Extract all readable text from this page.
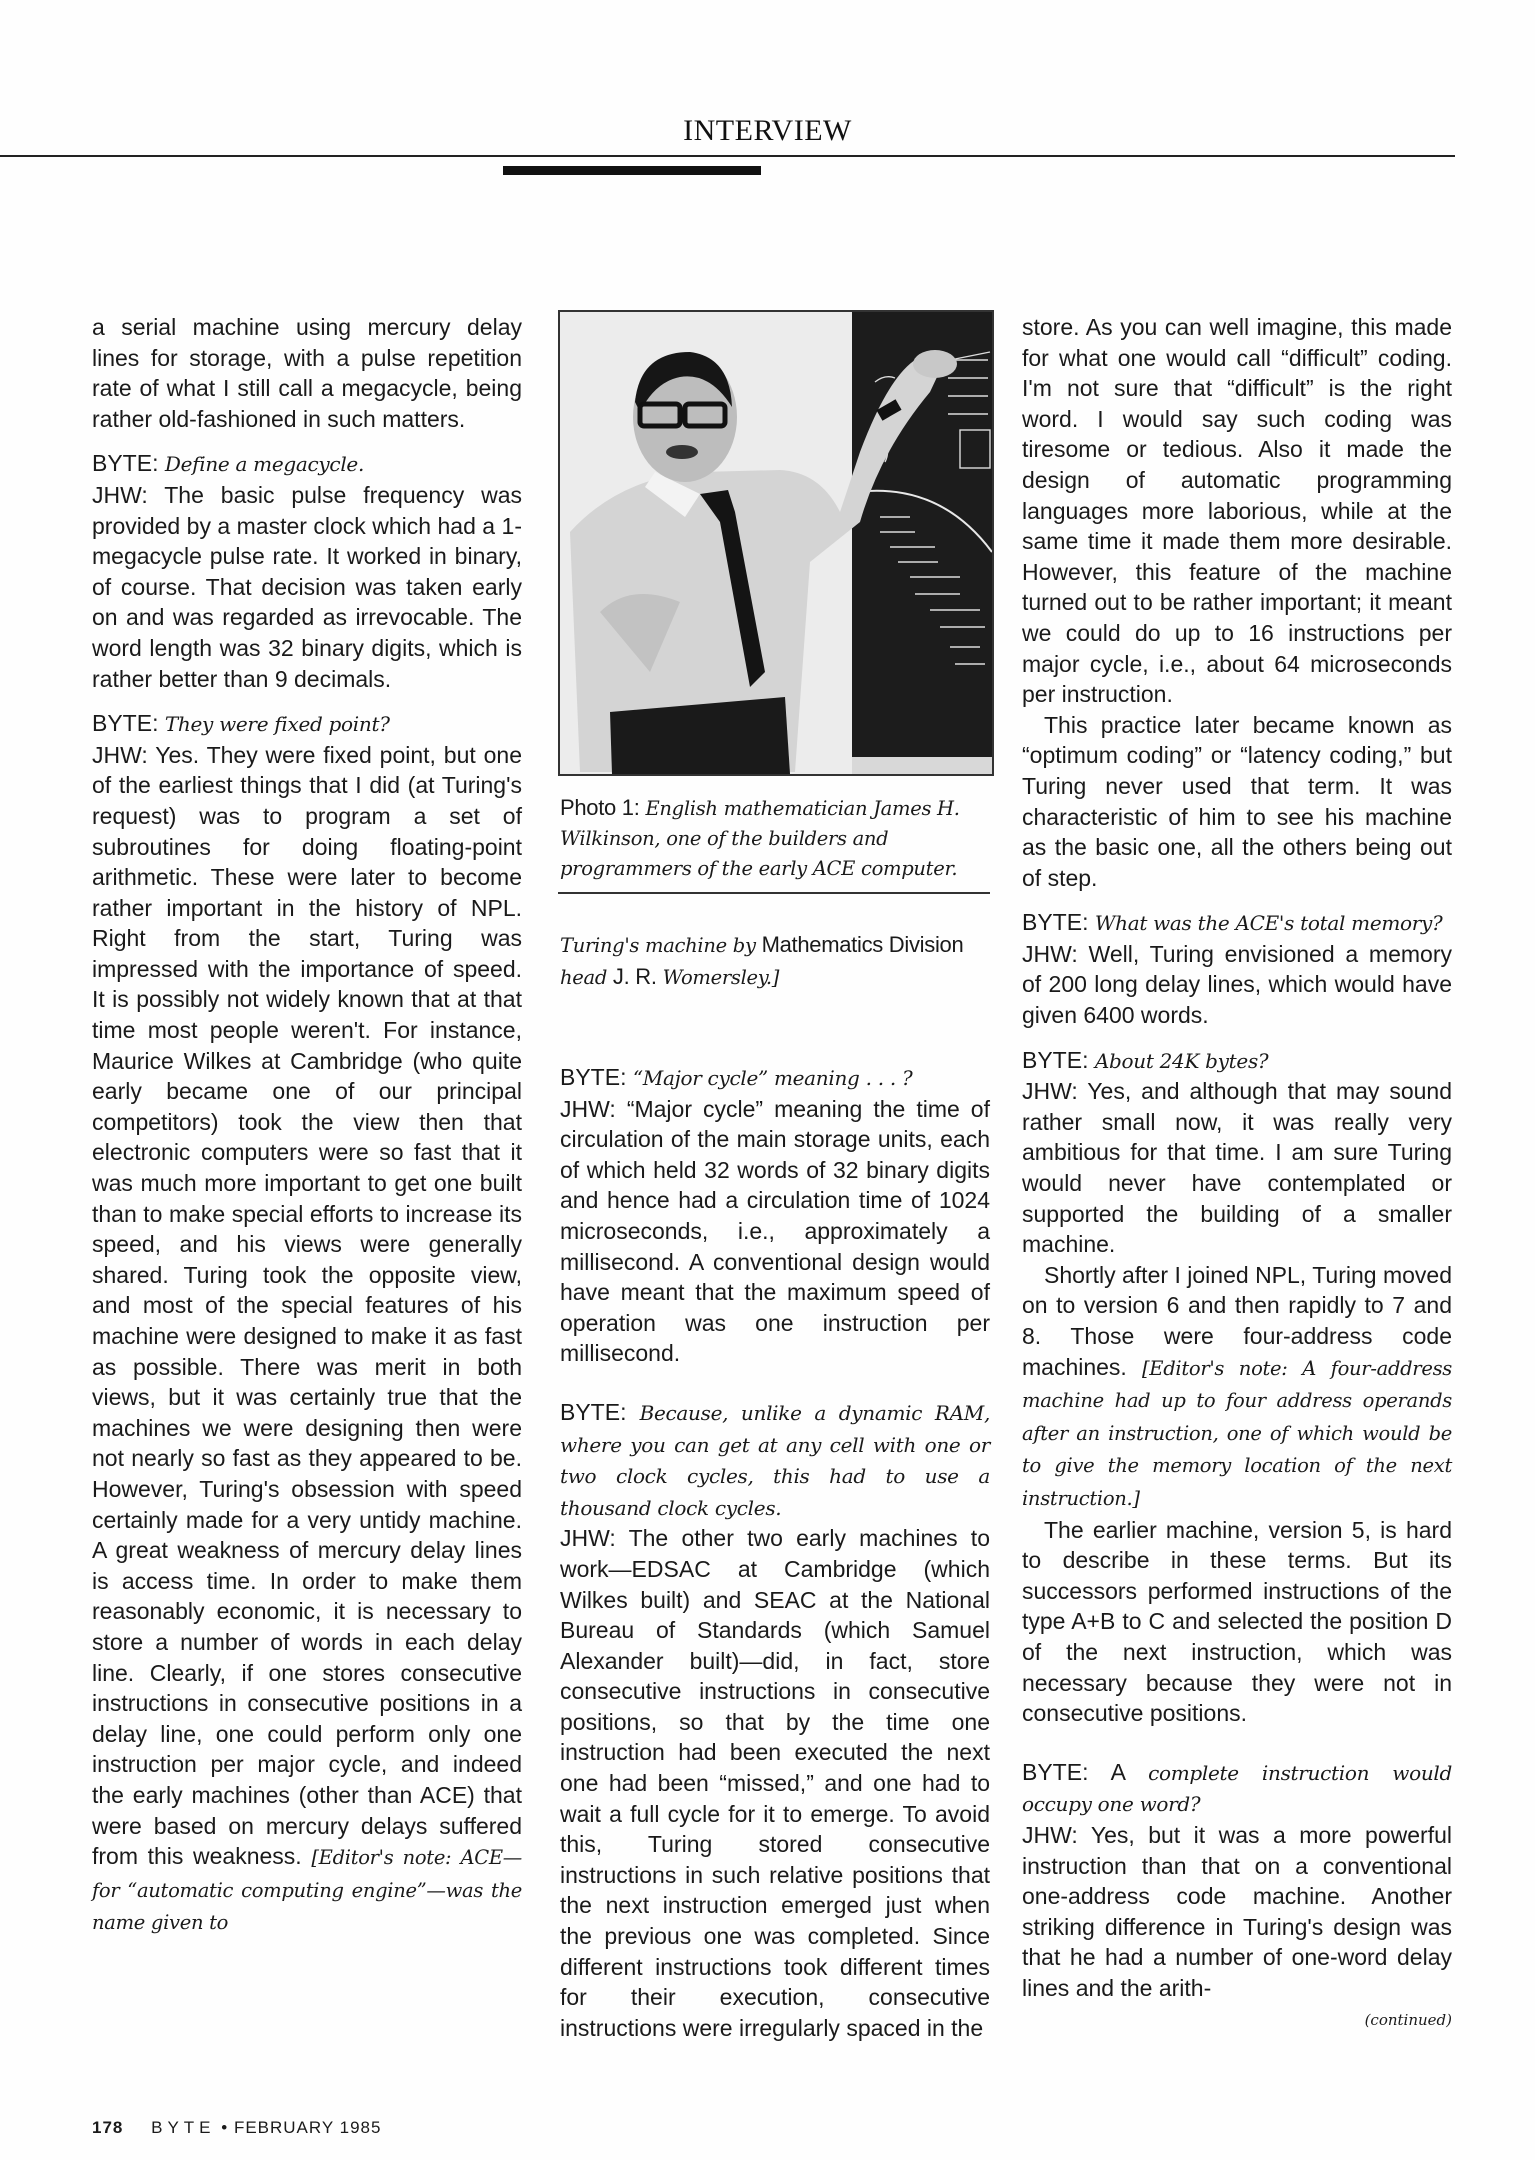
INTERVIEW

a serial machine using mercury delay lines for storage, with a pulse repetition rate of what I still call a megacycle, being rather old-fashioned in such matters.

BYTE: Define a megacycle.

JHW: The basic pulse frequency was provided by a master clock which had a 1-megacycle pulse rate. It worked in binary, of course. That decision was taken early on and was regarded as irrevocable. The word length was 32 binary digits, which is rather better than 9 decimals.

BYTE: They were fixed point?

JHW: Yes. They were fixed point, but one of the earliest things that I did (at Turing's request) was to program a set of subroutines for doing floating-point arithmetic. These were later to become rather important in the history of NPL. Right from the start, Turing was impressed with the importance of speed. It is possibly not widely known that at that time most people weren't. For instance, Maurice Wilkes at Cambridge (who quite early became one of our principal competitors) took the view then that electronic computers were so fast that it was much more important to get one built than to make special efforts to increase its speed, and his views were generally shared. Turing took the opposite view, and most of the special features of his machine were designed to make it as fast as possible. There was merit in both views, but it was certainly true that the machines we were designing then were not nearly so fast as they appeared to be. However, Turing's obsession with speed certainly made for a very untidy machine. A great weakness of mercury delay lines is access time. In order to make them reasonably economic, it is necessary to store a number of words in each delay line. Clearly, if one stores consecutive instructions in consecutive positions in a delay line, one could perform only one instruction per major cycle, and indeed the early machines (other than ACE) that were based on mercury delays suffered from this weakness. [Editor's note: ACE—for “automatic computing engine”—was the name given to

Photo 1: English mathematician James H. Wilkinson, one of the builders and programmers of the early ACE computer.
Turing's machine by Mathematics Division
head J. R. Womersley.]

BYTE: “Major cycle” meaning . . . ?

JHW: “Major cycle” meaning the time of circulation of the main storage units, each of which held 32 words of 32 binary digits and hence had a circulation time of 1024 microseconds, i.e., approximately a millisecond. A conventional design would have meant that the maximum speed of operation was one instruction per millisecond.

BYTE: Because, unlike a dynamic RAM, where you can get at any cell with one or two clock cycles, this had to use a thousand clock cycles.

JHW: The other two early machines to work—EDSAC at Cambridge (which Wilkes built) and SEAC at the National Bureau of Standards (which Samuel Alexander built)—did, in fact, store consecutive instructions in consecutive positions, so that by the time one instruction had been executed the next one had been “missed,” and one had to wait a full cycle for it to emerge. To avoid this, Turing stored consecutive instructions in such relative positions that the next instruction emerged just when the previous one was completed. Since different instructions took different times for their execution, consecutive instructions were irregularly spaced in the

store. As you can well imagine, this made for what one would call “difficult” coding. I'm not sure that “difficult” is the right word. I would say such coding was tiresome or tedious. Also it made the design of automatic programming languages more laborious, while at the same time it made them more desirable. However, this feature of the machine turned out to be rather important; it meant we could do up to 16 instructions per major cycle, i.e., about 64 microseconds per instruction.

This practice later became known as “optimum coding” or “latency coding,” but Turing never used that term. It was characteristic of him to see his machine as the basic one, all the others being out of step.

BYTE: What was the ACE's total memory?

JHW: Well, Turing envisioned a memory of 200 long delay lines, which would have given 6400 words.

BYTE: About 24K bytes?

JHW: Yes, and although that may sound rather small now, it was really very ambitious for that time. I am sure Turing would never have contemplated or supported the building of a smaller machine.

Shortly after I joined NPL, Turing moved on to version 6 and then rapidly to 7 and 8. Those were four-address code machines. [Editor's note: A four-address machine had up to four address operands after an instruction, one of which would be to give the memory location of the next instruction.]

The earlier machine, version 5, is hard to describe in these terms. But its successors performed instructions of the type A+B to C and selected the position D of the next instruction, which was necessary because they were not in consecutive positions.

BYTE: A complete instruction would occupy one word?

JHW: Yes, but it was a more powerful instruction than that on a conventional one-address code machine. Another striking difference in Turing's design was that he had a number of one-word delay lines and the arith-

(continued)
178 BYTE • FEBRUARY 1985
